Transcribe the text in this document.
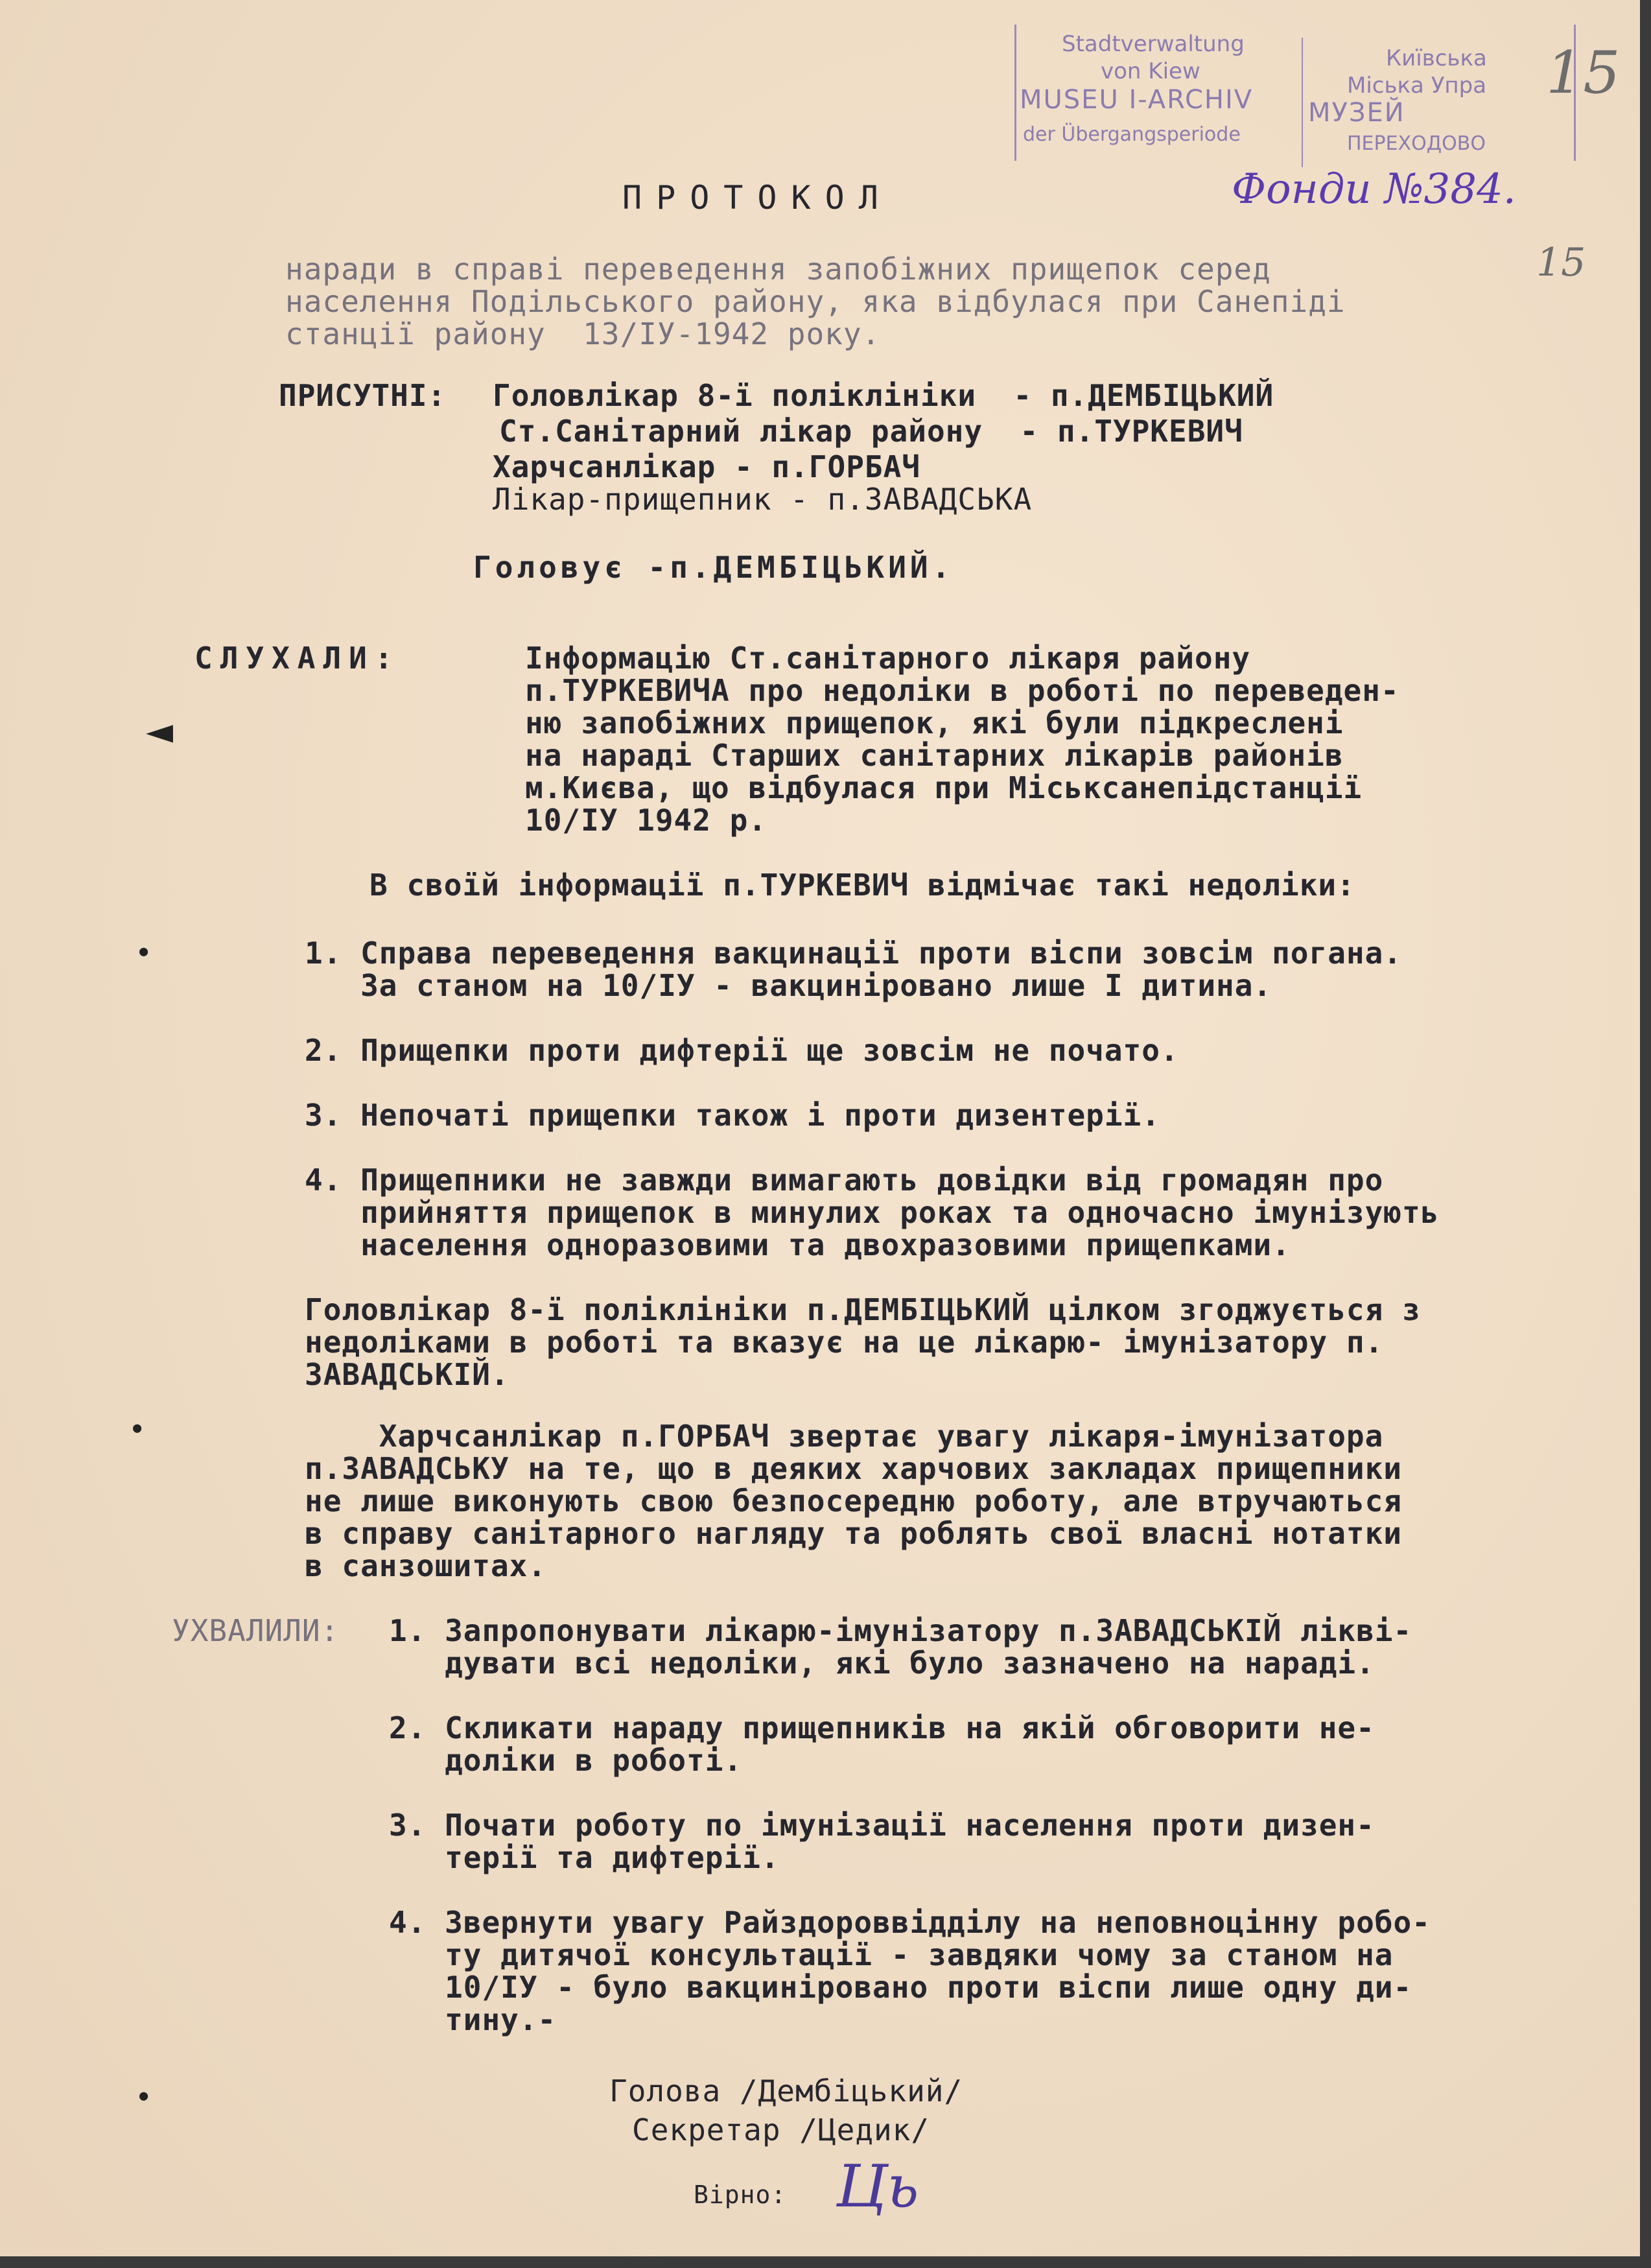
Stadtverwaltung
von Kiew
MUSEU I-ARCHIV
der Übergangsperiode
Київська
Міська Упра
МУЗЕЙ
ПЕРЕХОДОВО
15
Фонди №384.
15
◄
●
●
●
ПРОТОКОЛ
наради в справі переведення запобіжних прищепок серед
населення Подільського району, яка відбулася при Санепіді
станції району  13/IУ-1942 року.
ПРИСУТНІ: Головлікар 8-ї поліклініки  - п.ДЕМБІЦЬКИЙ
Ст.Санітарний лікар району  - п.ТУРКЕВИЧ
Харчсанлікар - п.ГОРБАЧ
Лікар-прищепник - п.ЗАВАДСЬКА
Головує -п.ДЕМБІЦЬКИЙ.
СЛУХАЛИ:	Інформацію Ст.санітарного лікаря району
п.ТУРКЕВИЧА про недоліки в роботі по переведен-
ню запобіжних прищепок, які були підкреслені
на нараді Старших санітарних лікарів районів
м.Києва, що відбулася при Міськсанепідстанції
10/IУ 1942 р.
В своїй інформації п.ТУРКЕВИЧ відмічає такі недоліки:
1. Справа переведення вакцинації проти віспи зовсім погана.
За станом на 10/IУ - вакциніровано лише I дитина.
2. Прищепки проти дифтерії ще зовсім не почато.
3. Непочаті прищепки також і проти дизентерії.
4. Прищепники не завжди вимагають довідки від громадян про
прийняття прищепок в минулих роках та одночасно імунізують
населення одноразовими та двохразовими прищепками.
Головлікар 8-ї поліклініки п.ДЕМБІЦЬКИЙ цілком згоджується з
недоліками в роботі та вказує на це лікарю- імунізатору п.
ЗАВАДСЬКІЙ.
Харчсанлікар п.ГОРБАЧ звертає увагу лікаря-імунізатора
п.ЗАВАДСЬКУ на те, що в деяких харчових закладах прищепники
не лише виконують свою безпосередню роботу, але втручаються
в справу санітарного нагляду та роблять свої власні нотатки
в санзошитах.
УХВАЛИЛИ: 1. Запропонувати лікарю-імунізатору п.ЗАВАДСЬКІЙ ліквi-
дувати всі недоліки, які було зазначено на нараді.
2. Скликати нараду прищепників на якій обговорити не-
доліки в роботі.
3. Почати роботу по імунізації населення проти дизен-
терії та дифтерії.
4. Звернути увагу Райздороввідділу на неповноцінну робо-
ту дитячої консультації - завдяки чому за станом на
10/IУ - було вакциніровано проти віспи лише одну ди-
тину.-
Голова /Дембіцький/
Секретар /Цедик/
Вiрно: Ць
